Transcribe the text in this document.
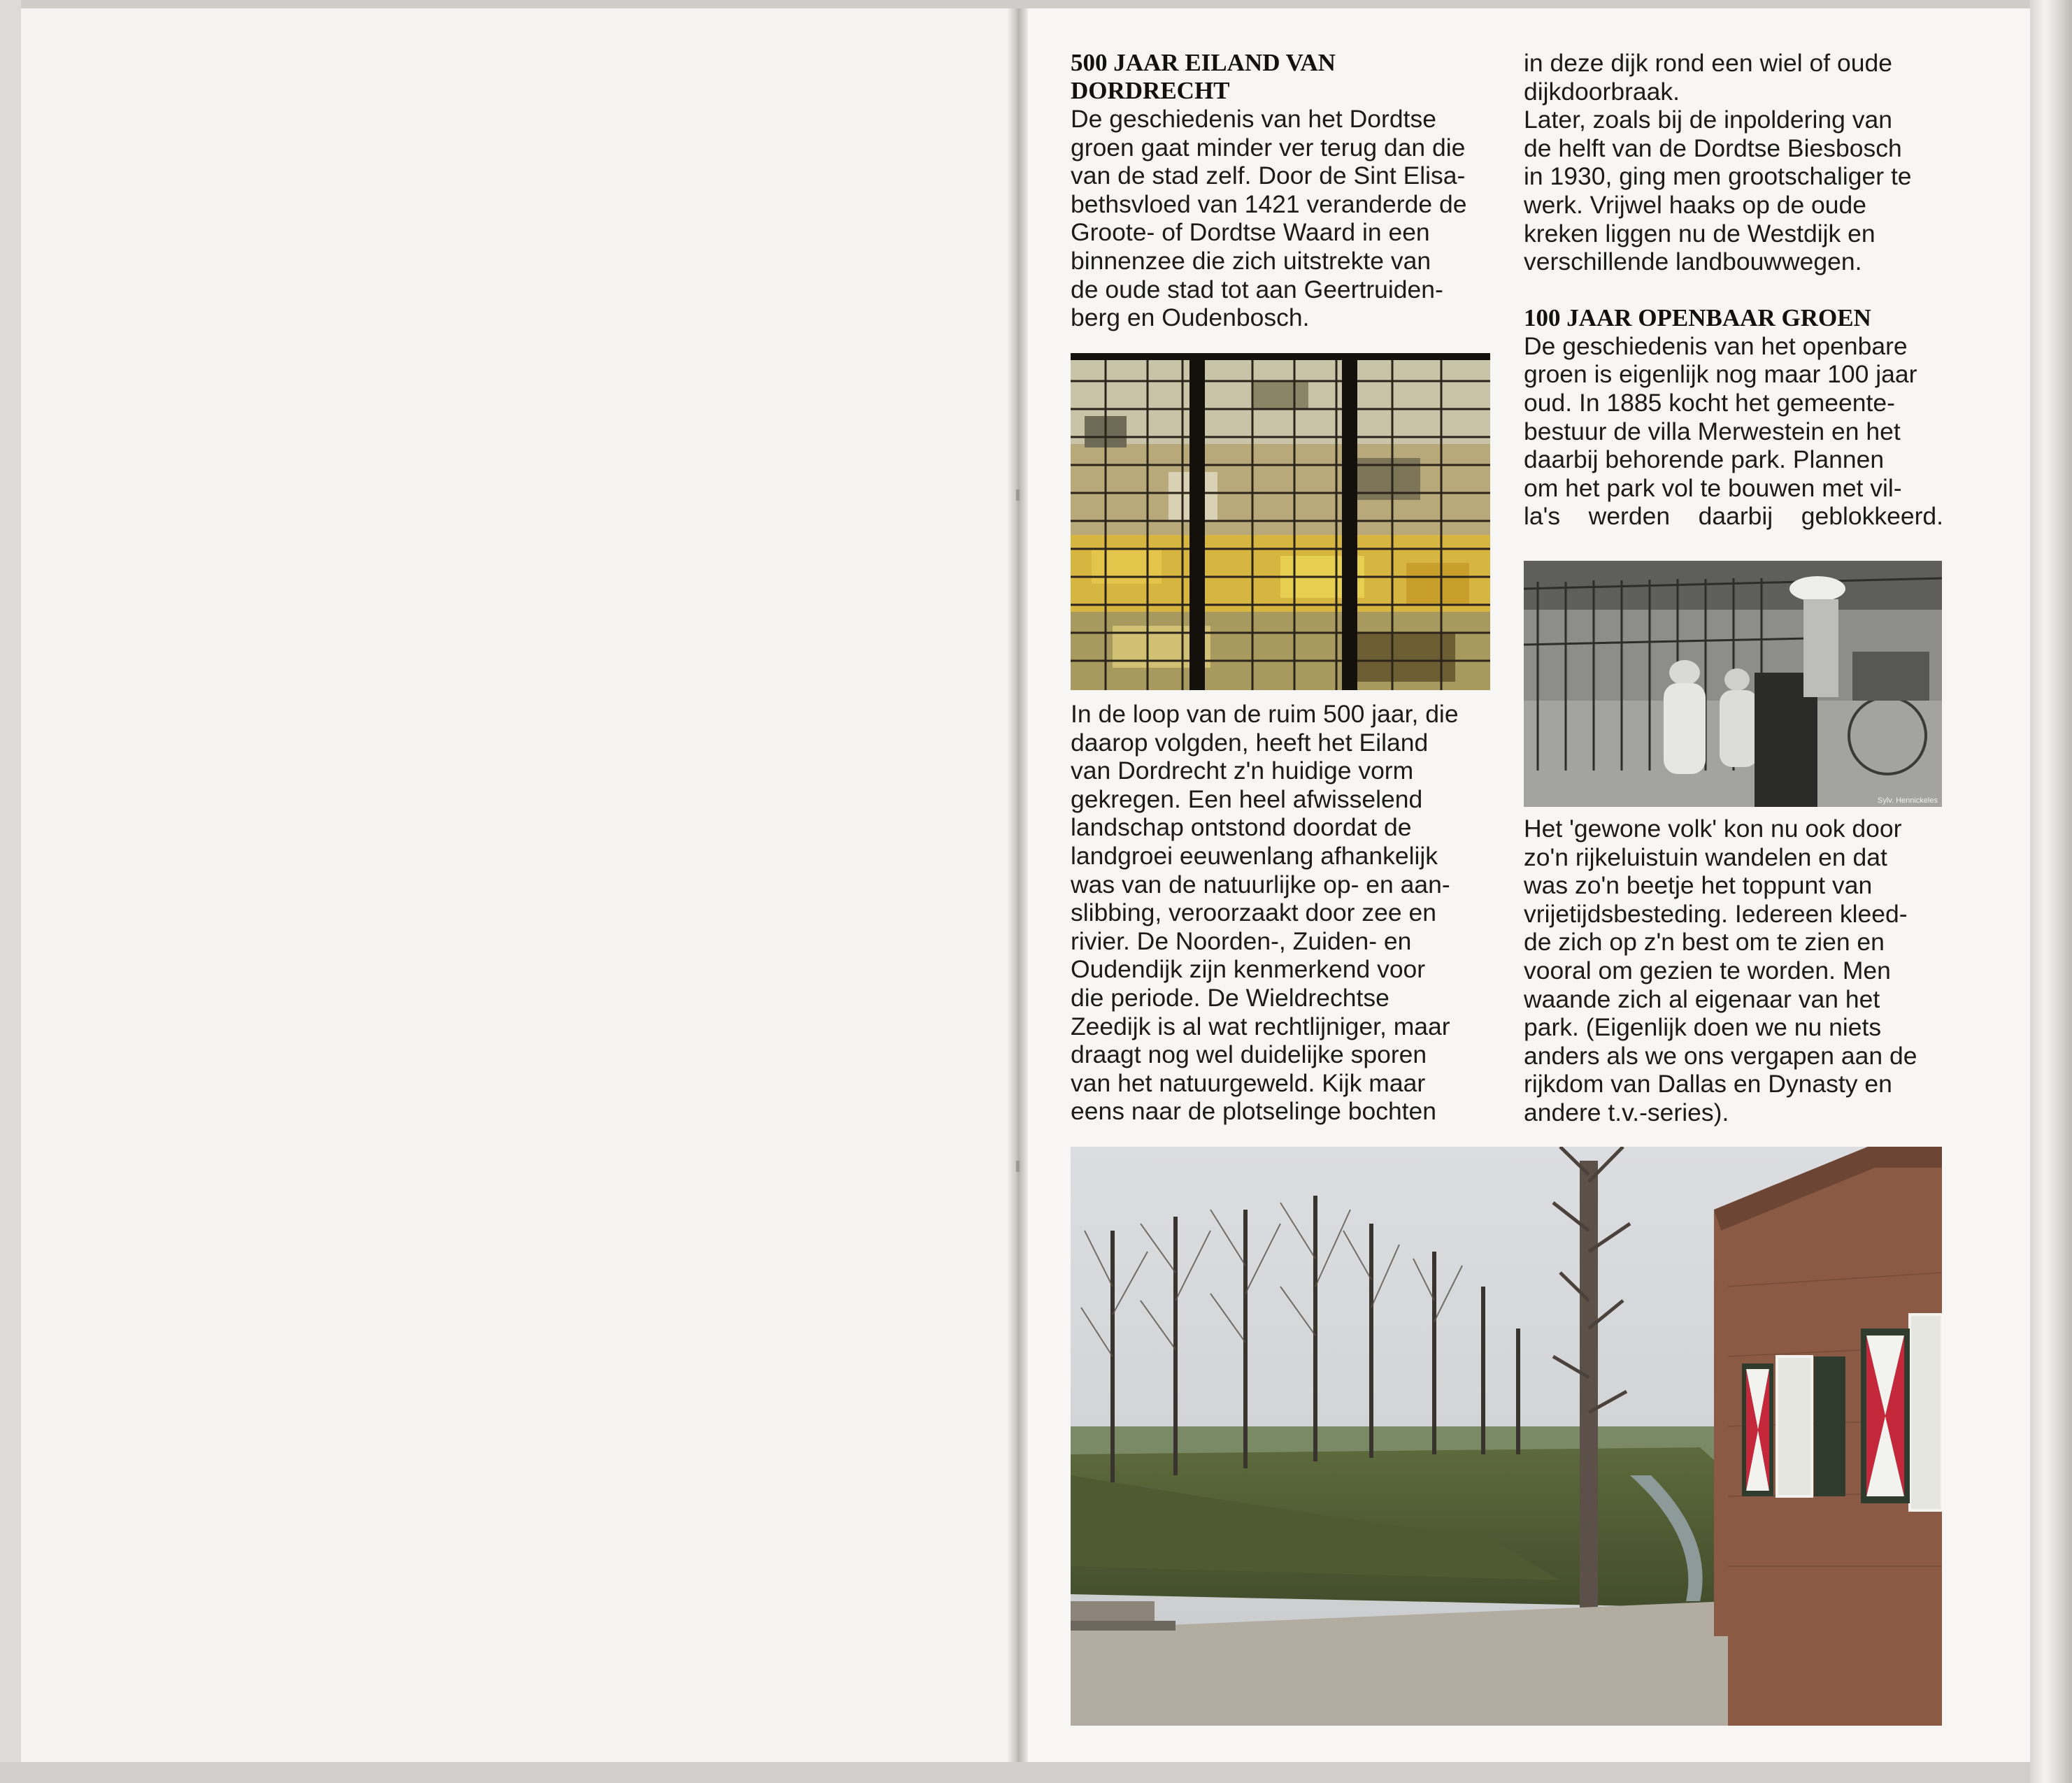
500 JAAR EILAND VAN

DORDRECHT

De geschiedenis van het Dordtse

groen gaat minder ver terug dan die

van de stad zelf. Door de Sint Elisa-

bethsvloed van 1421 veranderde de

Groote- of Dordtse Waard in een

binnenzee die zich uitstrekte van

de oude stad tot aan Geertruiden-

berg en Oudenbosch.

In de loop van de ruim 500 jaar, die

daarop volgden, heeft het Eiland

van Dordrecht z'n huidige vorm

gekregen. Een heel afwisselend

landschap ontstond doordat de

landgroei eeuwenlang afhankelijk

was van de natuurlijke op- en aan-

slibbing, veroorzaakt door zee en

rivier. De Noorden-, Zuiden- en

Oudendijk zijn kenmerkend voor

die periode. De Wieldrechtse

Zeedijk is al wat rechtlijniger, maar

draagt nog wel duidelijke sporen

van het natuurgeweld. Kijk maar

eens naar de plotselinge bochten

in deze dijk rond een wiel of oude

dijkdoorbraak.

Later, zoals bij de inpoldering van

de helft van de Dordtse Biesbosch

in 1930, ging men grootschaliger te

werk. Vrijwel haaks op de oude

kreken liggen nu de Westdijk en

verschillende landbouwwegen.

100 JAAR OPENBAAR GROEN

De geschiedenis van het openbare

groen is eigenlijk nog maar 100 jaar

oud. In 1885 kocht het gemeente-

bestuur de villa Merwestein en het

daarbij behorende park. Plannen

om het park vol te bouwen met vil-

la's werden daarbij geblokkeerd.

Sylv. Hennickeles

Het 'gewone volk' kon nu ook door

zo'n rijkeluistuin wandelen en dat

was zo'n beetje het toppunt van

vrijetijdsbesteding. Iedereen kleed-

de zich op z'n best om te zien en

vooral om gezien te worden. Men

waande zich al eigenaar van het

park. (Eigenlijk doen we nu niets

anders als we ons vergapen aan de

rijkdom van Dallas en Dynasty en

andere t.v.-series).
